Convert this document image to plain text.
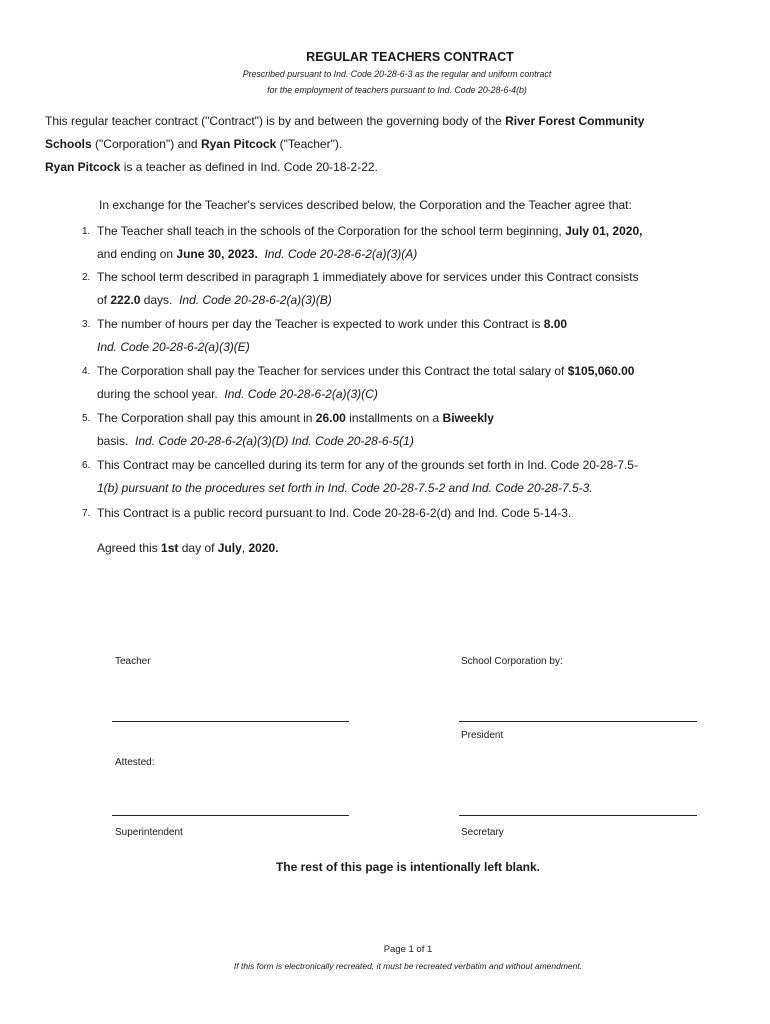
REGULAR TEACHERS CONTRACT
Prescribed pursuant to Ind. Code 20-28-6-3 as the regular and uniform contract
for the employment of teachers pursuant to Ind. Code 20-28-6-4(b)
This regular teacher contract ("Contract") is by and between the governing body of the River Forest Community
Schools ("Corporation") and Ryan Pitcock ("Teacher").
Ryan Pitcock is a teacher as defined in Ind. Code 20-18-2-22.
In exchange for the Teacher's services described below, the Corporation and the Teacher agree that:
1. The Teacher shall teach in the schools of the Corporation for the school term beginning, July 01, 2020,
and ending on June 30, 2023. Ind. Code 20-28-6-2(a)(3)(A)
2. The school term described in paragraph 1 immediately above for services under this Contract consists
of 222.0 days. Ind. Code 20-28-6-2(a)(3)(B)
3. The number of hours per day the Teacher is expected to work under this Contract is 8.00
Ind. Code 20-28-6-2(a)(3)(E)
4. The Corporation shall pay the Teacher for services under this Contract the total salary of $105,060.00
during the school year. Ind. Code 20-28-6-2(a)(3)(C)
5. The Corporation shall pay this amount in 26.00 installments on a Biweekly
basis. Ind. Code 20-28-6-2(a)(3)(D) Ind. Code 20-28-6-5(1)
6. This Contract may be cancelled during its term for any of the grounds set forth in Ind. Code 20-28-7.5-
1(b) pursuant to the procedures set forth in Ind. Code 20-28-7.5-2 and Ind. Code 20-28-7.5-3.
7. This Contract is a public record pursuant to Ind. Code 20-28-6-2(d) and Ind. Code 5-14-3.
Agreed this 1st day of July, 2020.
Teacher	School Corporation by:
President
Attested:
Superintendent	Secretary
The rest of this page is intentionally left blank.
Page 1 of 1
If this form is electronically recreated, it must be recreated verbatim and without amendment.
